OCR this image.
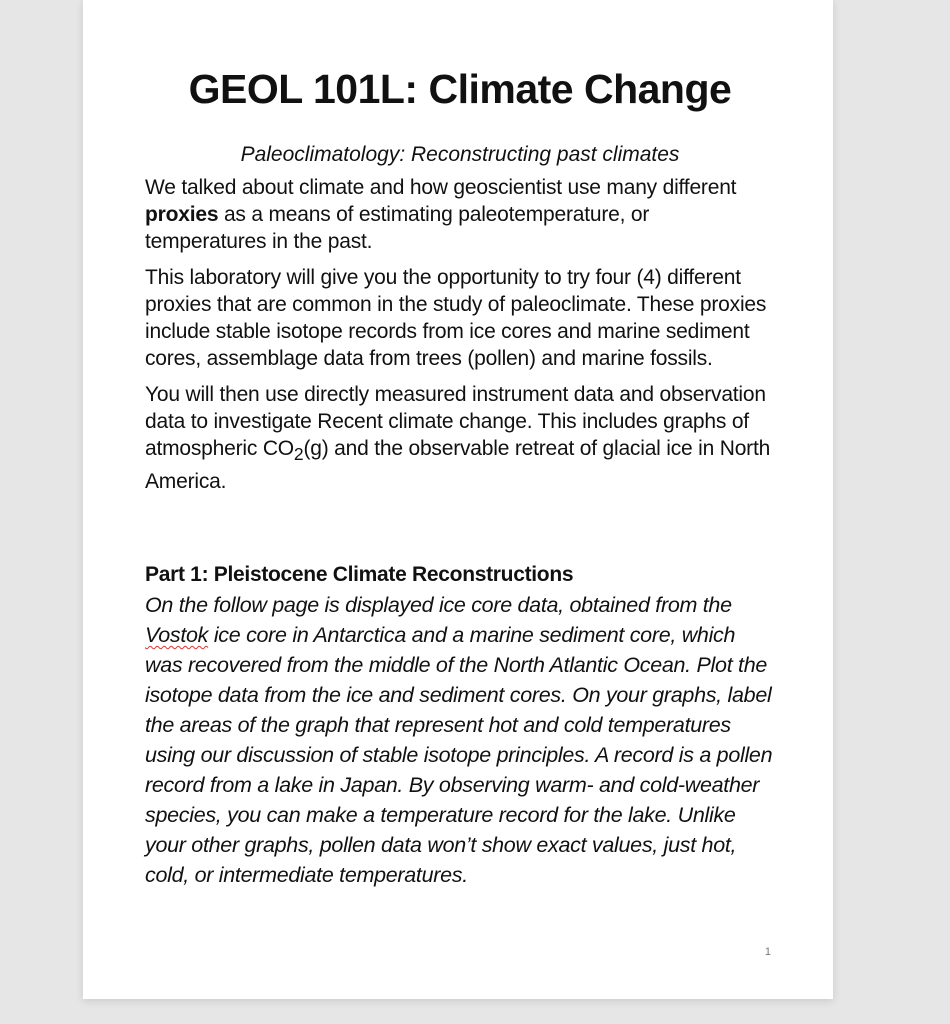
GEOL 101L: Climate Change
Paleoclimatology: Reconstructing past climates

We talked about climate and how geoscientist use many different proxies as a means of estimating paleotemperature, or temperatures in the past.

This laboratory will give you the opportunity to try four (4) different proxies that are common in the study of paleoclimate. These proxies include stable isotope records from ice cores and marine sediment cores, assemblage data from trees (pollen) and marine fossils.

You will then use directly measured instrument data and observation data to investigate Recent climate change. This includes graphs of atmospheric $CO_2(g)$ and the observable retreat of glacial ice in North America.

Part 1: Pleistocene Climate Reconstructions

On the follow page is displayed ice core data, obtained from the Vostok ice core in Antarctica and a marine sediment core, which was recovered from the middle of the North Atlantic Ocean. Plot the isotope data from the ice and sediment cores. On your graphs, label the areas of the graph that represent hot and cold temperatures using our discussion of stable isotope principles. A record is a pollen record from a lake in Japan. By observing warm- and cold-weather species, you can make a temperature record for the lake. Unlike your other graphs, pollen data won’t show exact values, just hot, cold, or intermediate temperatures.

1
